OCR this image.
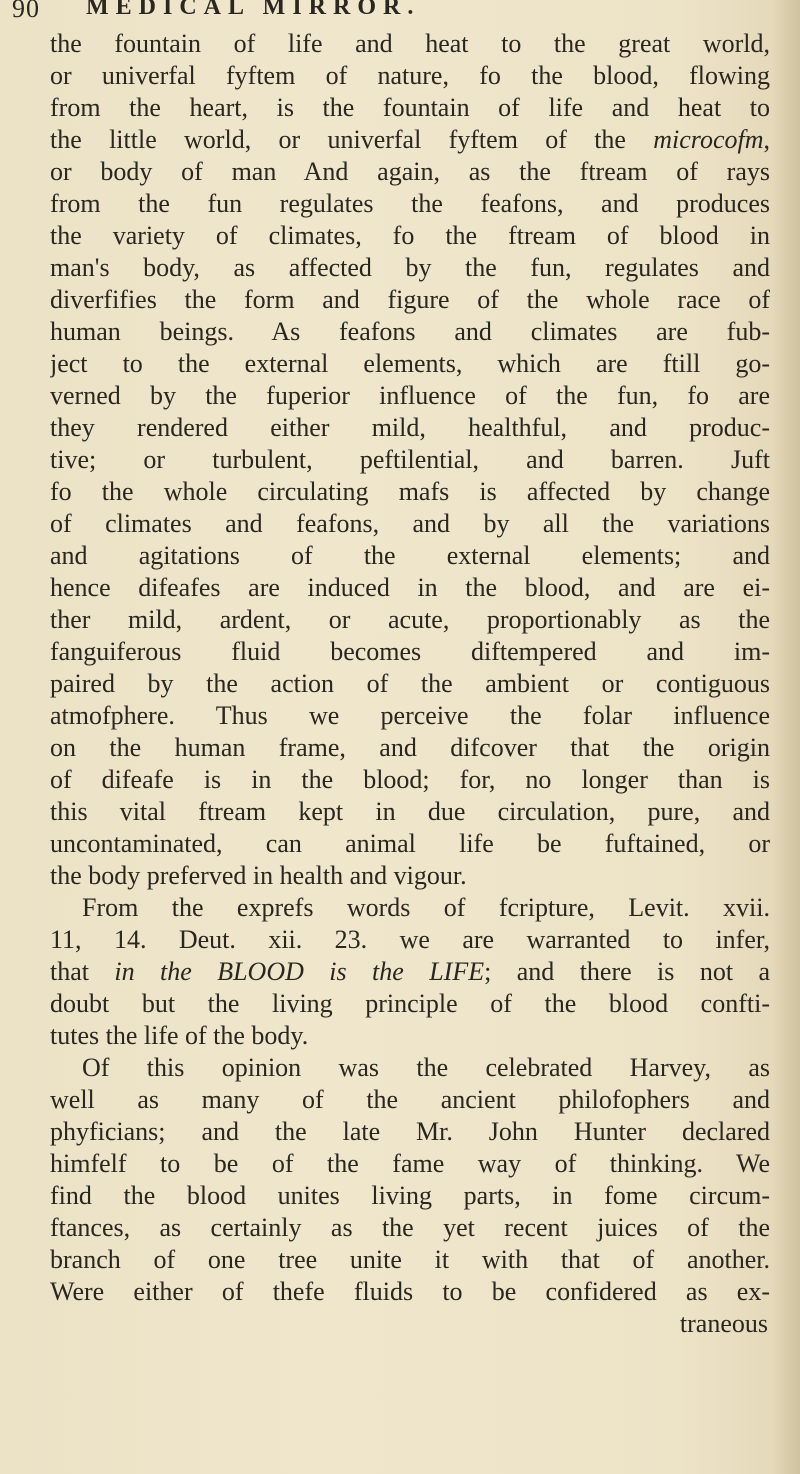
90 MEDICAL MIRROR.
the fountain of life and heat to the great world,
or univerfal fyftem of nature, fo the blood, flowing
from the heart, is the fountain of life and heat to
the little world, or univerfal fyftem of the microcofm,
or body of man And again, as the ftream of rays
from the fun regulates the feafons, and produces
the variety of climates, fo the ftream of blood in
man's body, as affected by the fun, regulates and
diverfifies the form and figure of the whole race of
human beings. As feafons and climates are fub-
ject to the external elements, which are ftill go-
verned by the fuperior influence of the fun, fo are
they rendered either mild, healthful, and produc-
tive; or turbulent, peftilential, and barren. Juft
fo the whole circulating mafs is affected by change
of climates and feafons, and by all the variations
and agitations of the external elements; and
hence difeafes are induced in the blood, and are ei-
ther mild, ardent, or acute, proportionably as the
fanguiferous fluid becomes diftempered and im-
paired by the action of the ambient or contiguous
atmofphere. Thus we perceive the folar influence
on the human frame, and difcover that the origin
of difeafe is in the blood; for, no longer than is
this vital ftream kept in due circulation, pure, and
uncontaminated, can animal life be fuftained, or
the body preferved in health and vigour.
From the exprefs words of fcripture, Levit. xvii.
11, 14. Deut. xii. 23. we are warranted to infer,
that in the BLOOD is the LIFE; and there is not a
doubt but the living principle of the blood confti-
tutes the life of the body.
Of this opinion was the celebrated Harvey, as
well as many of the ancient philofophers and
phyficians; and the late Mr. John Hunter declared
himfelf to be of the fame way of thinking. We
find the blood unites living parts, in fome circum-
ftances, as certainly as the yet recent juices of the
branch of one tree unite it with that of another.
Were either of thefe fluids to be confidered as ex-
traneous
